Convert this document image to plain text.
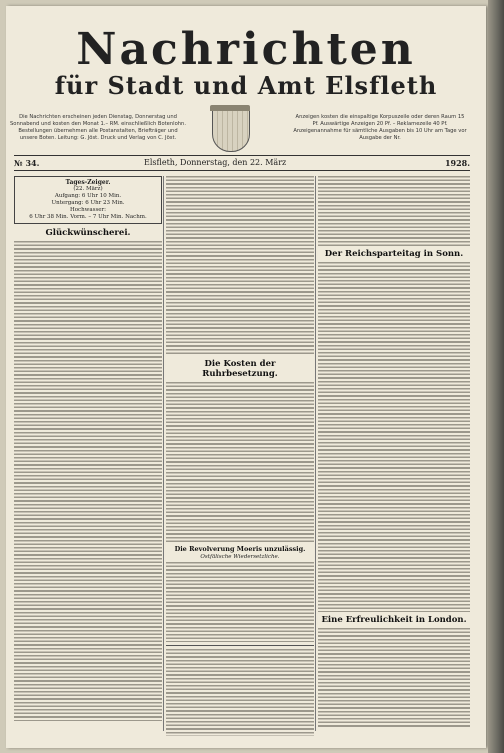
Nachrichten
für Stadt und Amt Elsfleth
Die Nachrichten erscheinen jeden Dienstag, Donnerstag und Sonnabend und kosten den Monat 1.– RM. einschließlich Botenlohn. Bestellungen übernehmen alle Postanstalten, Briefträger und unsere Boten. Leitung: G. Jöst. Druck und Verlag von C. Jöst.
Anzeigen kosten die einspaltige Korpuszeile oder deren Raum 15 Pf. Auswärtige Anzeigen 20 Pf. – Reklamezeile 40 Pf. Anzeigenannahme für sämtliche Ausgaben bis 10 Uhr am Tage vor Ausgabe der Nr.
№ 34.	Elsfleth, Donnerstag, den 22. März	1928.
Tages-Zeiger.
(22. März)
Aufgang: 6 Uhr 10 Min.
Untergang: 6 Uhr 23 Min.
Hochwasser:
6 Uhr 38 Min. Vorm. – 7 Uhr Min. Nachm.
Glückwünscherei.
Die Kosten der Ruhrbesetzung.
Die Revolverung Moeris unzulässig.
Ostfälische Wiedersetzliche.
Der Reichsparteitag in Sonn.
Eine Erfreulichkeit in London.
